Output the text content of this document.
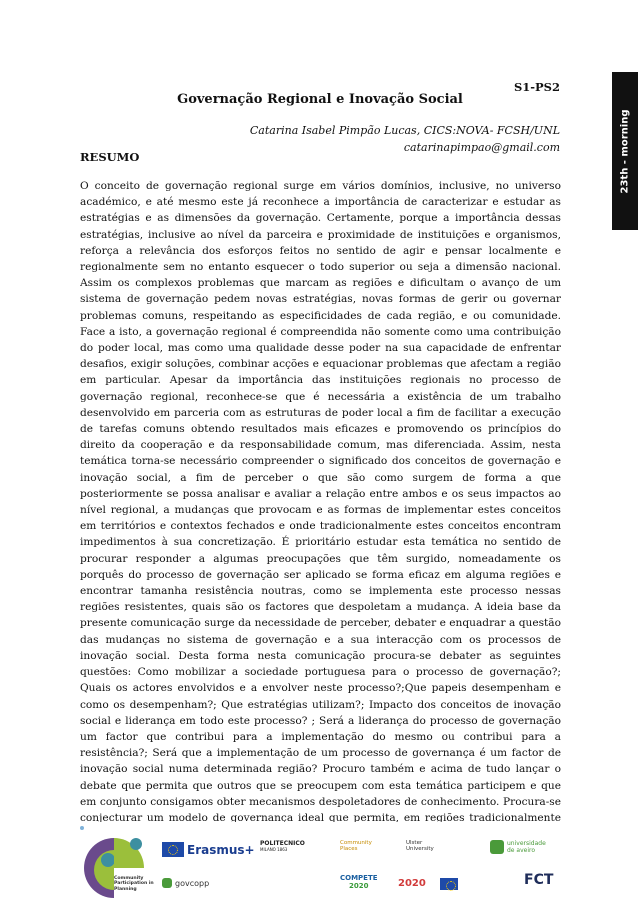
23th - morning
S1-PS2
Governação Regional e Inovação Social
Catarina Isabel Pimpão Lucas, CICS:NOVA- FCSH/UNL
catarinapimpao@gmail.com
RESUMO

O conceito de governação regional surge em vários domínios, inclusive, no universo académico, e até mesmo este já reconhece a importância de caracterizar e estudar as estratégias e as dimensões da governação. Certamente, porque a importância dessas estratégias, inclusive ao nível da parceira e proximidade de instituições e organismos, reforça a relevância dos esforços feitos no sentido de agir e pensar localmente e regionalmente sem no entanto esquecer o todo superior ou seja a dimensão nacional. Assim os complexos problemas que marcam as regiões e dificultam o avanço de um sistema de governação pedem novas estratégias, novas formas de gerir ou governar problemas comuns, respeitando as especificidades de cada região, e ou comunidade. Face a isto, a governação regional é compreendida não somente como uma contribuição do poder local, mas como uma qualidade desse poder na sua capacidade de enfrentar desafios, exigir soluções, combinar acções e equacionar problemas que afectam a região em particular. Apesar da importância das instituições regionais no processo de governação regional, reconhece-se que é necessária a existência de um trabalho desenvolvido em parceria com as estruturas de poder local a fim de facilitar a execução de tarefas comuns obtendo resultados mais eficazes e promovendo os princípios do direito da cooperação e da responsabilidade comum, mas diferenciada. Assim, nesta temática torna-se necessário compreender o significado dos conceitos de governação e inovação social, a fim de perceber o que são como surgem de forma a que posteriormente se possa analisar e avaliar a relação entre ambos e os seus impactos ao nível regional, a mudanças que provocam e as formas de implementar estes conceitos em territórios e contextos fechados e onde tradicionalmente estes conceitos encontram impedimentos à sua concretização. É prioritário estudar esta temática no sentido de procurar responder a algumas preocupações que têm surgido, nomeadamente os porquês do processo de governação ser aplicado se forma eficaz em alguma regiões e encontrar tamanha resistência noutras, como se implementa este processo nessas regiões resistentes, quais são os factores que despoletam a mudança. A ideia base da presente comunicação surge da necessidade de perceber, debater e enquadrar a questão das mudanças no sistema de governação e a sua interacção com os processos de inovação social. Desta forma nesta comunicação procura-se debater as seguintes questões: Como mobilizar a sociedade portuguesa para o processo de governação?; Quais os actores envolvidos e a envolver neste processo?;Que papeis desempenham e como os desempenham?; Que estratégias utilizam?; Impacto dos conceitos de inovação social e liderança em todo este processo? ; Será a liderança do processo de governação um factor que contribui para a implementação do mesmo ou contribui para a resistência?; Será que a implementação de um processo de governança é um factor de inovação social numa determinada região? Procuro também e acima de tudo lançar o debate que permita que outros que se preocupem com esta temática participem e que em conjunto consigamos obter mecanismos despoletadores de conhecimento. Procura-se conjecturar um modelo de governança ideal que permita, em regiões tradicionalmente

Community Participation in Planning
Erasmus+ POLITECNICO
MILANO 1863
Community
Places
Ulster
University
universidade
de aveiro
govcopp
COMPETE
2020	2020	FCT
